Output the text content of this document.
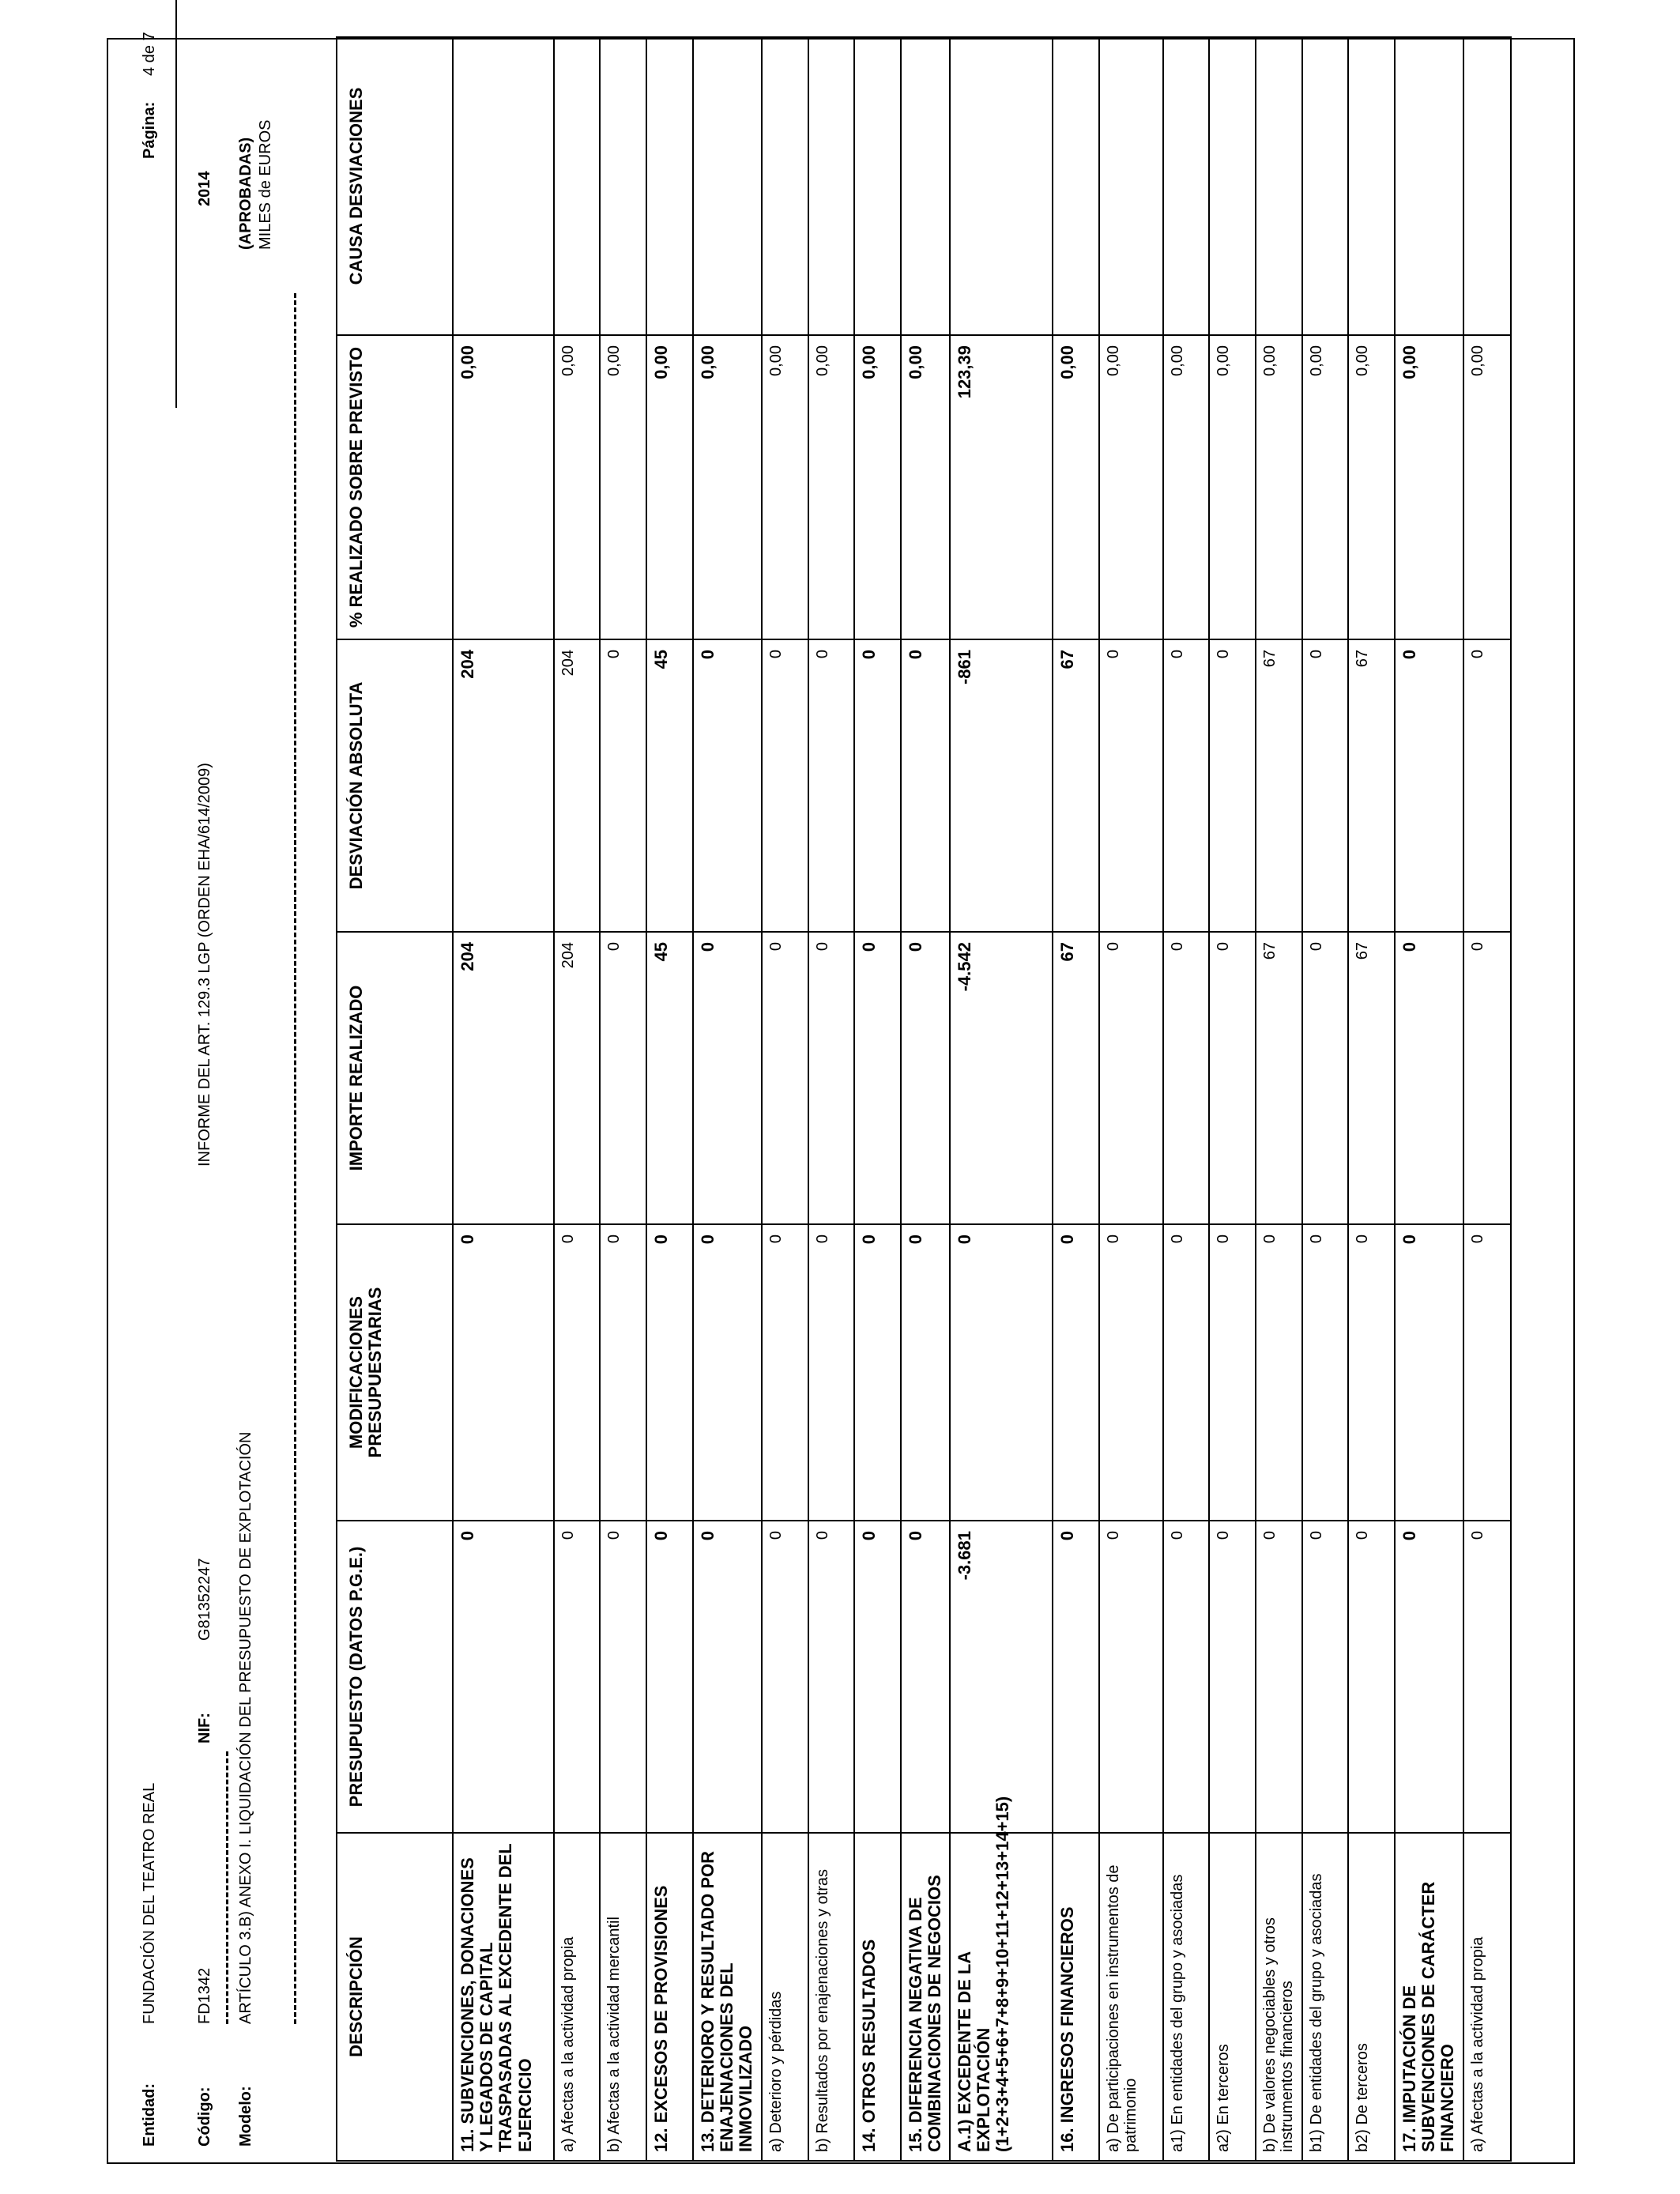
Entidad:
FUNDACIÓN DEL TEATRO REAL
Página:
4 de 7
Código:
FD1342
NIF:
G81352247
INFORME DEL ART. 129.3 LGP (ORDEN EHA/614/2009)
2014
Modelo:
ARTÍCULO 3.B) ANEXO I. LIQUIDACIÓN DEL PRESUPUESTO DE EXPLOTACIÓN
(APROBADAS) MILES de EUROS
DESCRIPCIÓN	PRESUPUESTO (DATOS P.G.E.)	MODIFICACIONES PRESUPUESTARIAS	IMPORTE REALIZADO	DESVIACIÓN ABSOLUTA	% REALIZADO SOBRE PREVISTO	CAUSA DESVIACIONES
11. SUBVENCIONES, DONACIONES Y LEGADOS DE CAPITAL TRASPASADAS AL EXCEDENTE DEL EJERCICIO	0	0	204	204	0,00	
a) Afectas a la actividad propia	0	0	204	204	0,00	
b) Afectas a la actividad mercantil	0	0	0	0	0,00	
12. EXCESOS DE PROVISIONES	0	0	45	45	0,00	
13. DETERIORO Y RESULTADO POR ENAJENACIONES DEL INMOVILIZADO	0	0	0	0	0,00	
a) Deterioro y pérdidas	0	0	0	0	0,00	
b) Resultados por enajenaciones y otras	0	0	0	0	0,00	
14. OTROS RESULTADOS	0	0	0	0	0,00	
15. DIFERENCIA NEGATIVA DE COMBINACIONES DE NEGOCIOS	0	0	0	0	0,00	
A.1) EXCEDENTE DE LA EXPLOTACIÓN (1+2+3+4+5+6+7+8+9+10+11+12+13+14+15)	-3.681	0	-4.542	-861	123,39	
16. INGRESOS FINANCIEROS	0	0	67	67	0,00	
a) De participaciones en instrumentos de patrimonio	0	0	0	0	0,00	
a1) En entidades del grupo y asociadas	0	0	0	0	0,00	
a2) En terceros	0	0	0	0	0,00	
b) De valores negociables y otros instrumentos financieros	0	0	67	67	0,00	
b1) De entidades del grupo y asociadas	0	0	0	0	0,00	
b2) De terceros	0	0	67	67	0,00	
17. IMPUTACIÓN DE SUBVENCIONES DE CARÁCTER FINANCIERO	0	0	0	0	0,00	
a) Afectas a la actividad propia	0	0	0	0	0,00	
